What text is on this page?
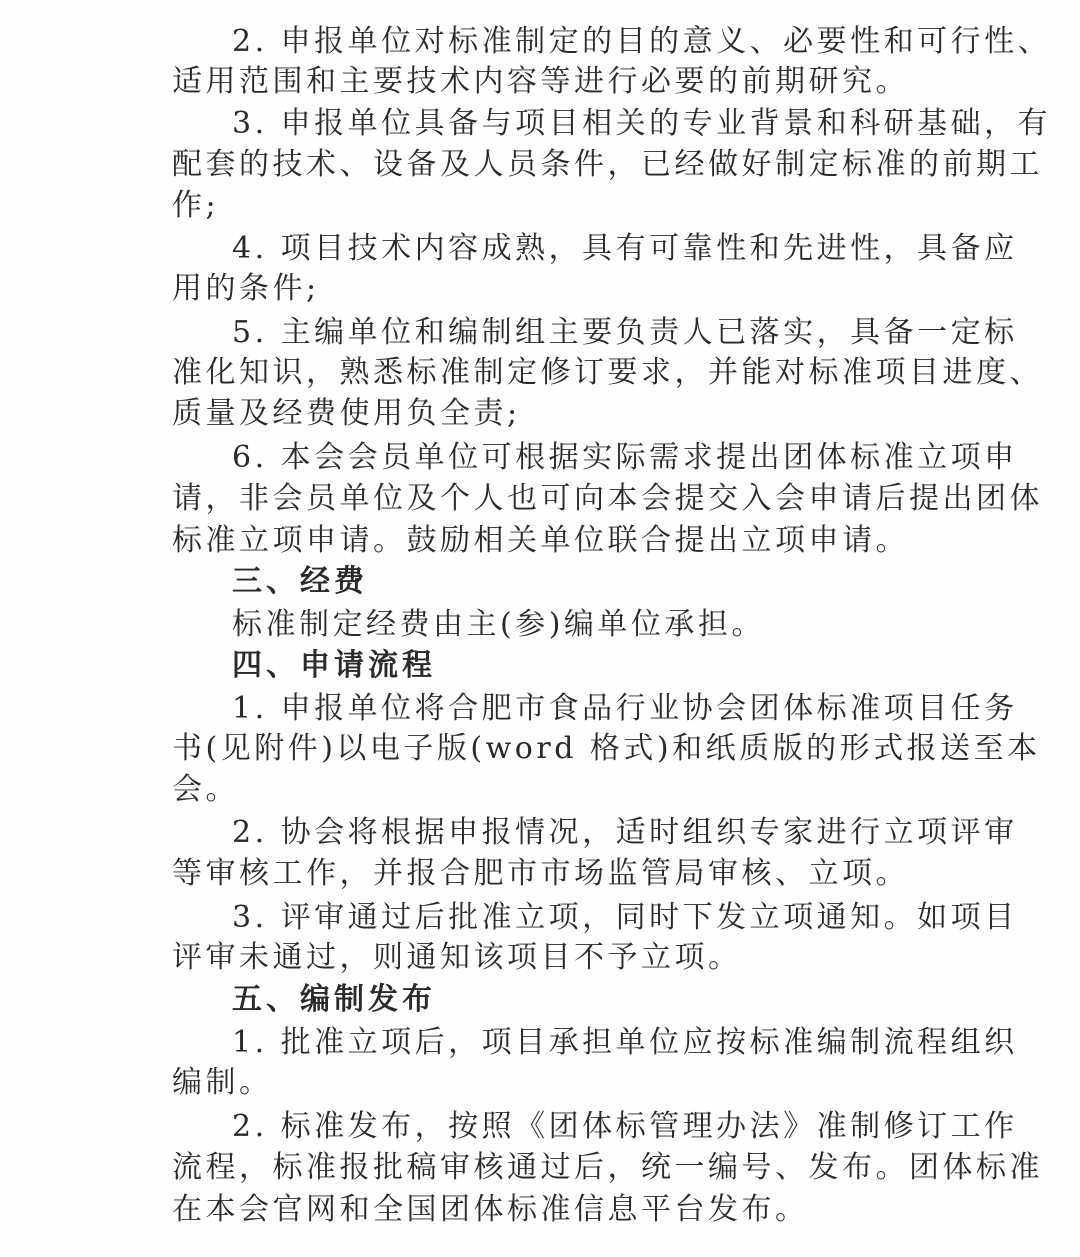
2. 申报单位对标准制定的目的意义、必要性和可行性、
适用范围和主要技术内容等进行必要的前期研究。
3. 申报单位具备与项目相关的专业背景和科研基础，有
配套的技术、设备及人员条件，已经做好制定标准的前期工
作;
4. 项目技术内容成熟，具有可靠性和先进性，具备应
用的条件;
5. 主编单位和编制组主要负责人已落实，具备一定标
准化知识，熟悉标准制定修订要求，并能对标准项目进度、
质量及经费使用负全责;
6. 本会会员单位可根据实际需求提出团体标准立项申
请，非会员单位及个人也可向本会提交入会申请后提出团体
标准立项申请。鼓励相关单位联合提出立项申请。
三、经费
标准制定经费由主(参)编单位承担。
四、申请流程
1. 申报单位将合肥市食品行业协会团体标准项目任务
书(见附件)以电子版(word 格式)和纸质版的形式报送至本
会。
2. 协会将根据申报情况，适时组织专家进行立项评审
等审核工作，并报合肥市市场监管局审核、立项。
3. 评审通过后批准立项，同时下发立项通知。如项目
评审未通过，则通知该项目不予立项。
五、编制发布
1. 批准立项后，项目承担单位应按标准编制流程组织
编制。
2. 标准发布，按照《团体标管理办法》准制修订工作
流程，标准报批稿审核通过后，统一编号、发布。团体标准
在本会官网和全国团体标准信息平台发布。
